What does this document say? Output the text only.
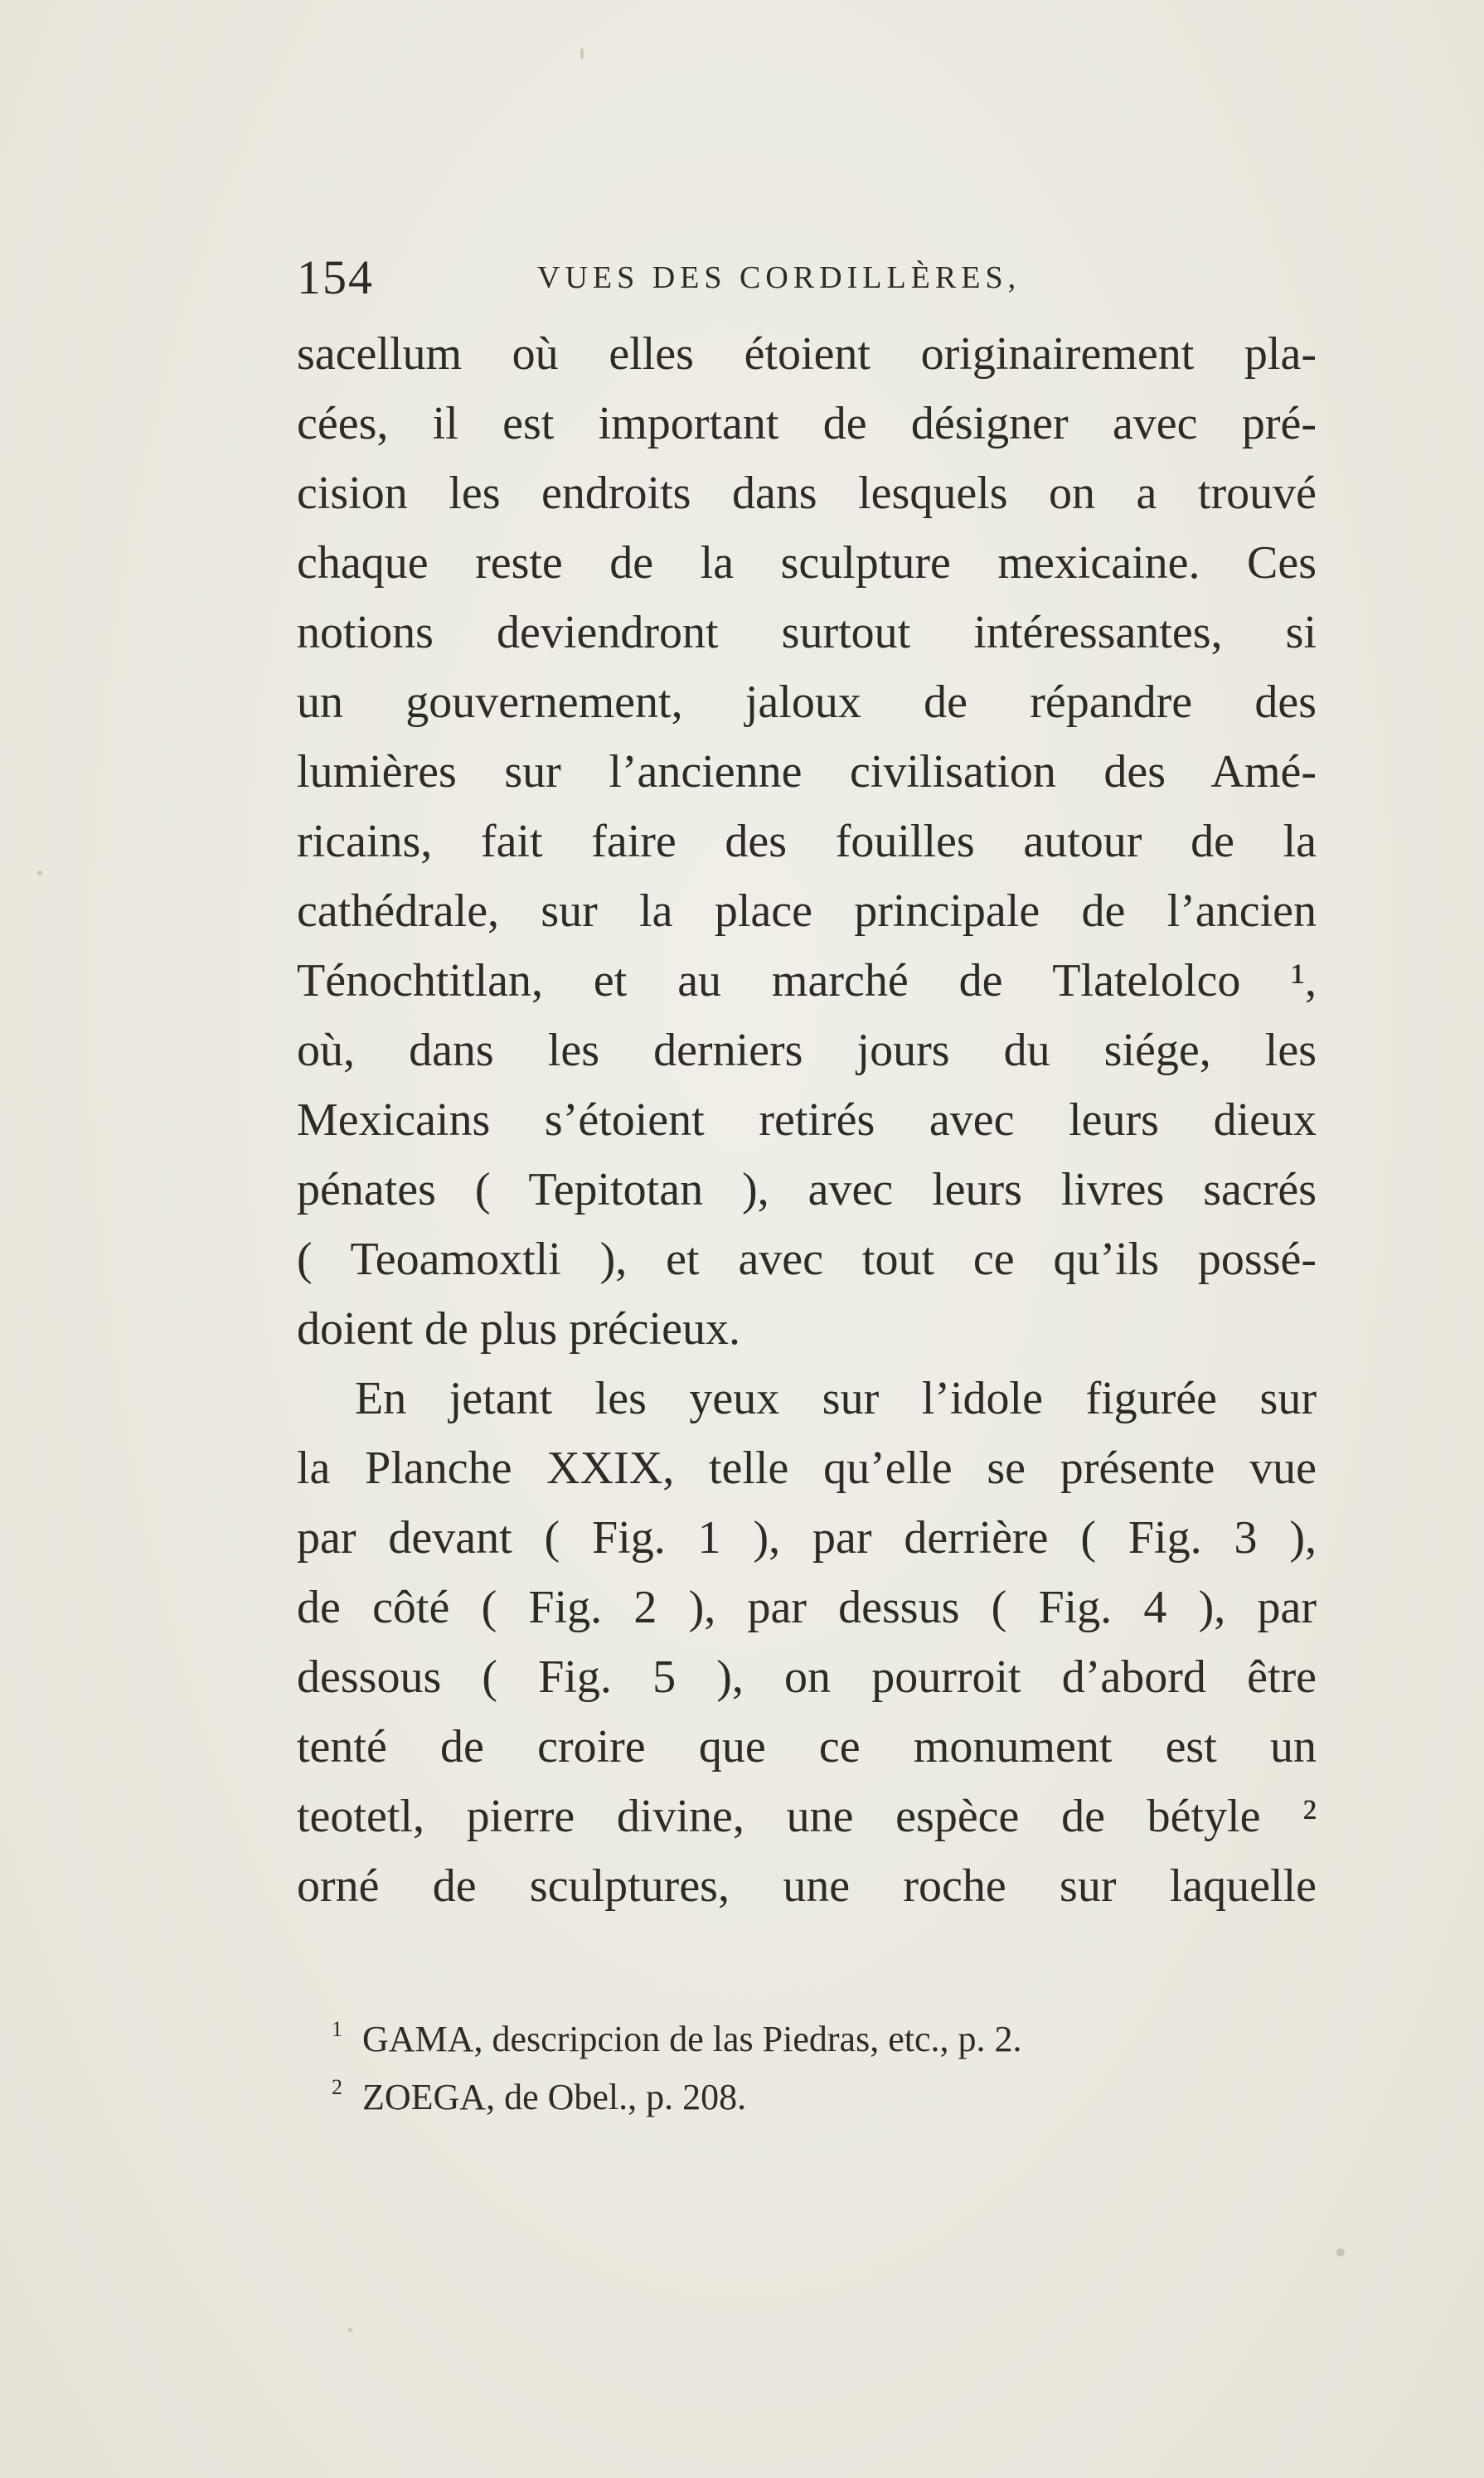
154	VUES DES CORDILLÈRES,
sacellum où elles étoient originairement pla-
cées, il est important de désigner avec pré-
cision les endroits dans lesquels on a trouvé
chaque reste de la sculpture mexicaine. Ces
notions deviendront surtout intéressantes, si
un gouvernement, jaloux de répandre des
lumières sur l’ancienne civilisation des Amé-
ricains, fait faire des fouilles autour de la
cathédrale, sur la place principale de l’ancien
Ténochtitlan, et au marché de Tlatelolco ¹,
où, dans les derniers jours du siége, les
Mexicains s’étoient retirés avec leurs dieux
pénates ( Tepitotan ), avec leurs livres sacrés
( Teoamoxtli ), et avec tout ce qu’ils possé-
doient de plus précieux.
En jetant les yeux sur l’idole figurée sur
la Planche XXIX, telle qu’elle se présente vue
par devant ( Fig. 1 ), par derrière ( Fig. 3 ),
de côté ( Fig. 2 ), par dessus ( Fig. 4 ), par
dessous ( Fig. 5 ), on pourroit d’abord être
tenté de croire que ce monument est un
teotetl, pierre divine, une espèce de bétyle ²
orné de sculptures, une roche sur laquelle
$^1$ GAMA, descripcion de las Piedras, etc., p. 2.
$^2$ ZOEGA, de Obel., p. 208.
